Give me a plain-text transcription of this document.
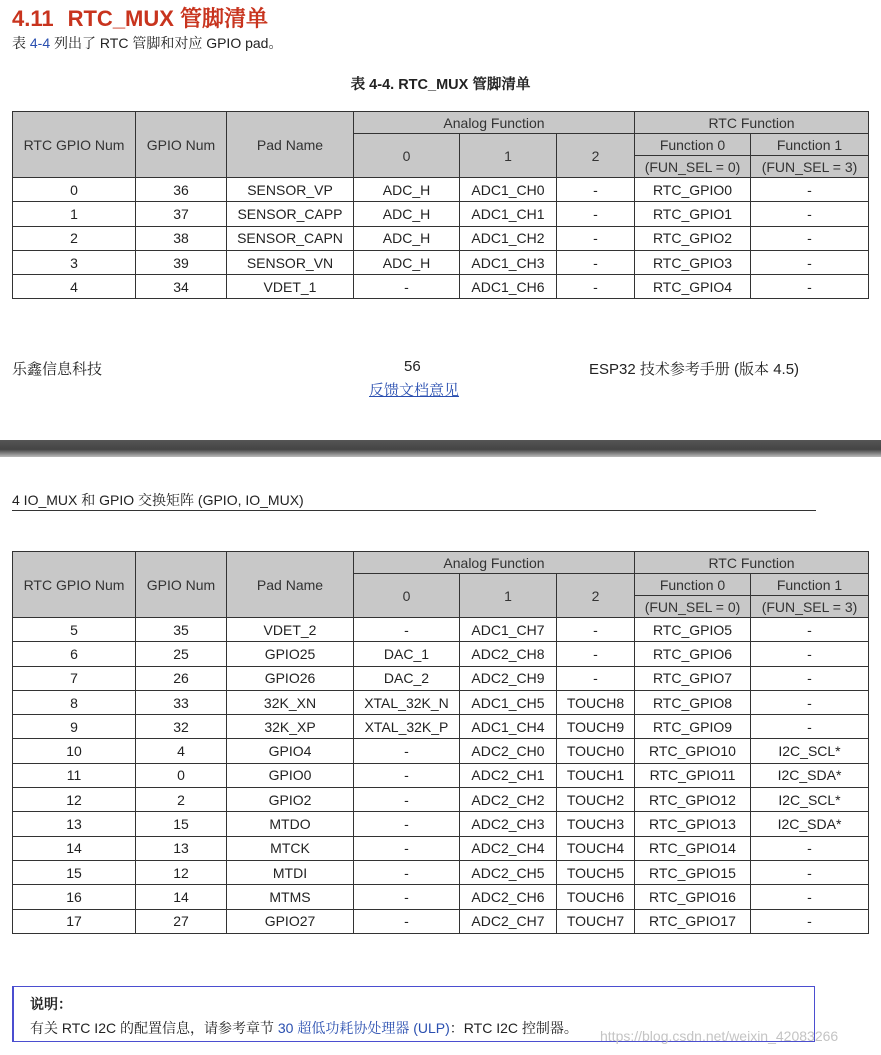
4.11 RTC_MUX 管脚清单
表 4-4 列出了 RTC 管脚和对应 GPIO pad。
表 4-4. RTC_MUX 管脚清单
RTC GPIO Num	GPIO Num	Pad Name	Analog Function			RTC Function	
			0	1	2	Function 0	Function 1
						(FUN_SEL = 0)	(FUN_SEL = 3)
0	36	SENSOR_VP	ADC_H	ADC1_CH0	-	RTC_GPIO0	-
1	37	SENSOR_CAPP	ADC_H	ADC1_CH1	-	RTC_GPIO1	-
2	38	SENSOR_CAPN	ADC_H	ADC1_CH2	-	RTC_GPIO2	-
3	39	SENSOR_VN	ADC_H	ADC1_CH3	-	RTC_GPIO3	-
4	34	VDET_1	-	ADC1_CH6	-	RTC_GPIO4	-
乐鑫信息科技	56	ESP32 技术参考手册 (版本 4.5)
反馈文档意见
4 IO_MUX 和 GPIO 交换矩阵 (GPIO, IO_MUX)
RTC GPIO Num	GPIO Num	Pad Name	Analog Function			RTC Function	
			0	1	2	Function 0	Function 1
						(FUN_SEL = 0)	(FUN_SEL = 3)
5	35	VDET_2	-	ADC1_CH7	-	RTC_GPIO5	-
6	25	GPIO25	DAC_1	ADC2_CH8	-	RTC_GPIO6	-
7	26	GPIO26	DAC_2	ADC2_CH9	-	RTC_GPIO7	-
8	33	32K_XN	XTAL_32K_N	ADC1_CH5	TOUCH8	RTC_GPIO8	-
9	32	32K_XP	XTAL_32K_P	ADC1_CH4	TOUCH9	RTC_GPIO9	-
10	4	GPIO4	-	ADC2_CH0	TOUCH0	RTC_GPIO10	I2C_SCL*
11	0	GPIO0	-	ADC2_CH1	TOUCH1	RTC_GPIO11	I2C_SDA*
12	2	GPIO2	-	ADC2_CH2	TOUCH2	RTC_GPIO12	I2C_SCL*
13	15	MTDO	-	ADC2_CH3	TOUCH3	RTC_GPIO13	I2C_SDA*
14	13	MTCK	-	ADC2_CH4	TOUCH4	RTC_GPIO14	-
15	12	MTDI	-	ADC2_CH5	TOUCH5	RTC_GPIO15	-
16	14	MTMS	-	ADC2_CH6	TOUCH6	RTC_GPIO16	-
17	27	GPIO27	-	ADC2_CH7	TOUCH7	RTC_GPIO17	-
说明：
有关 RTC I2C 的配置信息，请参考章节 30 超低功耗协处理器 (ULP)：RTC I2C 控制器。 https://blog.csdn.net/weixin_42083266
